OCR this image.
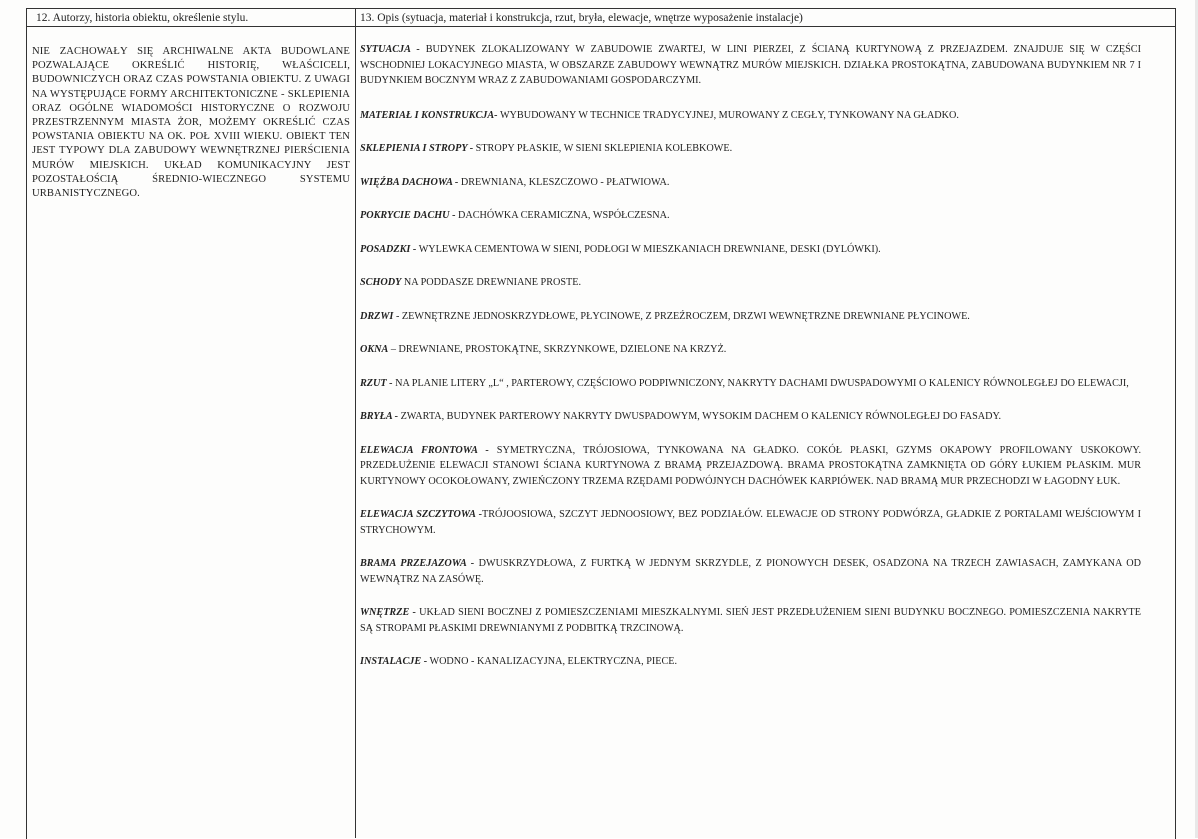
12. Autorzy, historia obiektu, określenie stylu.	13. Opis (sytuacja, materiał i konstrukcja, rzut, bryła, elewacje, wnętrze wyposażenie instalacje)
NIE ZACHOWAŁY SIĘ ARCHIWALNE AKTA BUDOWLANE POZWALAJĄCE OKREŚLIĆ HISTORIĘ, WŁAŚCICELI, BUDOWNICZYCH ORAZ CZAS POWSTANIA OBIEKTU. Z UWAGI NA WYSTĘPUJĄCE FORMY ARCHITEKTONICZNE - SKLEPIENIA ORAZ OGÓLNE WIADOMOŚCI HISTORYCZNE O ROZWOJU PRZESTRZENNYM MIASTA ŻOR, MOŻEMY OKREŚLIĆ CZAS POWSTANIA OBIEKTU NA OK. POŁ XVIII WIEKU. OBIEKT TEN JEST TYPOWY DLA ZABUDOWY WEWNĘTRZNEJ PIERŚCIENIA MURÓW MIEJSKICH. UKŁAD KOMUNIKACYJNY JEST POZOSTAŁOŚCIĄ ŚREDNIO-WIECZNEGO SYSTEMU URBANISTYCZNEGO.

SYTUACJA - BUDYNEK ZLOKALIZOWANY W ZABUDOWIE ZWARTEJ, W LINI PIERZEI, Z ŚCIANĄ KURTYNOWĄ Z PRZEJAZDEM. ZNAJDUJE SIĘ W CZĘŚCI WSCHODNIEJ LOKACYJNEGO MIASTA, W OBSZARZE ZABUDOWY WEWNĄTRZ MURÓW MIEJSKICH. DZIAŁKA PROSTOKĄTNA, ZABUDOWANA BUDYNKIEM NR 7 I BUDYNKIEM BOCZNYM WRAZ Z ZABUDOWANIAMI GOSPODARCZYMI.

MATERIAŁ I KONSTRUKCJA- WYBUDOWANY W TECHNICE TRADYCYJNEJ, MUROWANY Z CEGŁY, TYNKOWANY NA GŁADKO.

SKLEPIENIA I STROPY - STROPY PŁASKIE, W SIENI SKLEPIENIA KOLEBKOWE.

WIĘŹBA DACHOWA - DREWNIANA, KLESZCZOWO - PŁATWIOWA.

POKRYCIE DACHU - DACHÓWKA CERAMICZNA, WSPÓŁCZESNA.

POSADZKI - WYLEWKA CEMENTOWA W SIENI, PODŁOGI W MIESZKANIACH DREWNIANE, DESKI (DYLÓWKI).

SCHODY NA PODDASZE DREWNIANE PROSTE.

DRZWI - ZEWNĘTRZNE JEDNOSKRZYDŁOWE, PŁYCINOWE, Z PRZEŹROCZEM, DRZWI WEWNĘTRZNE DREWNIANE PŁYCINOWE.

OKNA – DREWNIANE, PROSTOKĄTNE, SKRZYNKOWE, DZIELONE NA KRZYŻ.

RZUT - NA PLANIE LITERY „L“ , PARTEROWY, CZĘŚCIOWO PODPIWNICZONY, NAKRYTY DACHAMI DWUSPADOWYMI O KALENICY RÓWNOLEGŁEJ DO ELEWACJI,

BRYŁA - ZWARTA, BUDYNEK PARTEROWY NAKRYTY DWUSPADOWYM, WYSOKIM DACHEM O KALENICY RÓWNOLEGŁEJ DO FASADY.

ELEWACJA FRONTOWA - SYMETRYCZNA, TRÓJOSIOWA, TYNKOWANA NA GŁADKO. COKÓŁ PŁASKI, GZYMS OKAPOWY PROFILOWANY USKOKOWY. PRZEDŁUŻENIE ELEWACJI STANOWI ŚCIANA KURTYNOWA Z BRAMĄ PRZEJAZDOWĄ. BRAMA PROSTOKĄTNA ZAMKNIĘTA OD GÓRY ŁUKIEM PŁASKIM. MUR KURTYNOWY OCOKOŁOWANY, ZWIEŃCZONY TRZEMA RZĘDAMI PODWÓJNYCH DACHÓWEK KARPIÓWEK. NAD BRAMĄ MUR PRZECHODZI W ŁAGODNY ŁUK.

ELEWACJA SZCZYTOWA -TRÓJOOSIOWA, SZCZYT JEDNOOSIOWY, BEZ PODZIAŁÓW. ELEWACJE OD STRONY PODWÓRZA, GŁADKIE Z PORTALAMI WEJŚCIOWYM I STRYCHOWYM.

BRAMA PRZEJAZOWA - DWUSKRZYDŁOWA, Z FURTKĄ W JEDNYM SKRZYDLE, Z PIONOWYCH DESEK, OSADZONA NA TRZECH ZAWIASACH, ZAMYKANA OD WEWNĄTRZ NA ZASÓWĘ.

WNĘTRZE - UKŁAD SIENI BOCZNEJ Z POMIESZCZENIAMI MIESZKALNYMI. SIEŃ JEST PRZEDŁUŻENIEM SIENI BUDYNKU BOCZNEGO. POMIESZCZENIA NAKRYTE SĄ STROPAMI PŁASKIMI DREWNIANYMI Z PODBITKĄ TRZCINOWĄ.

INSTALACJE - WODNO - KANALIZACYJNA, ELEKTRYCZNA, PIECE.
